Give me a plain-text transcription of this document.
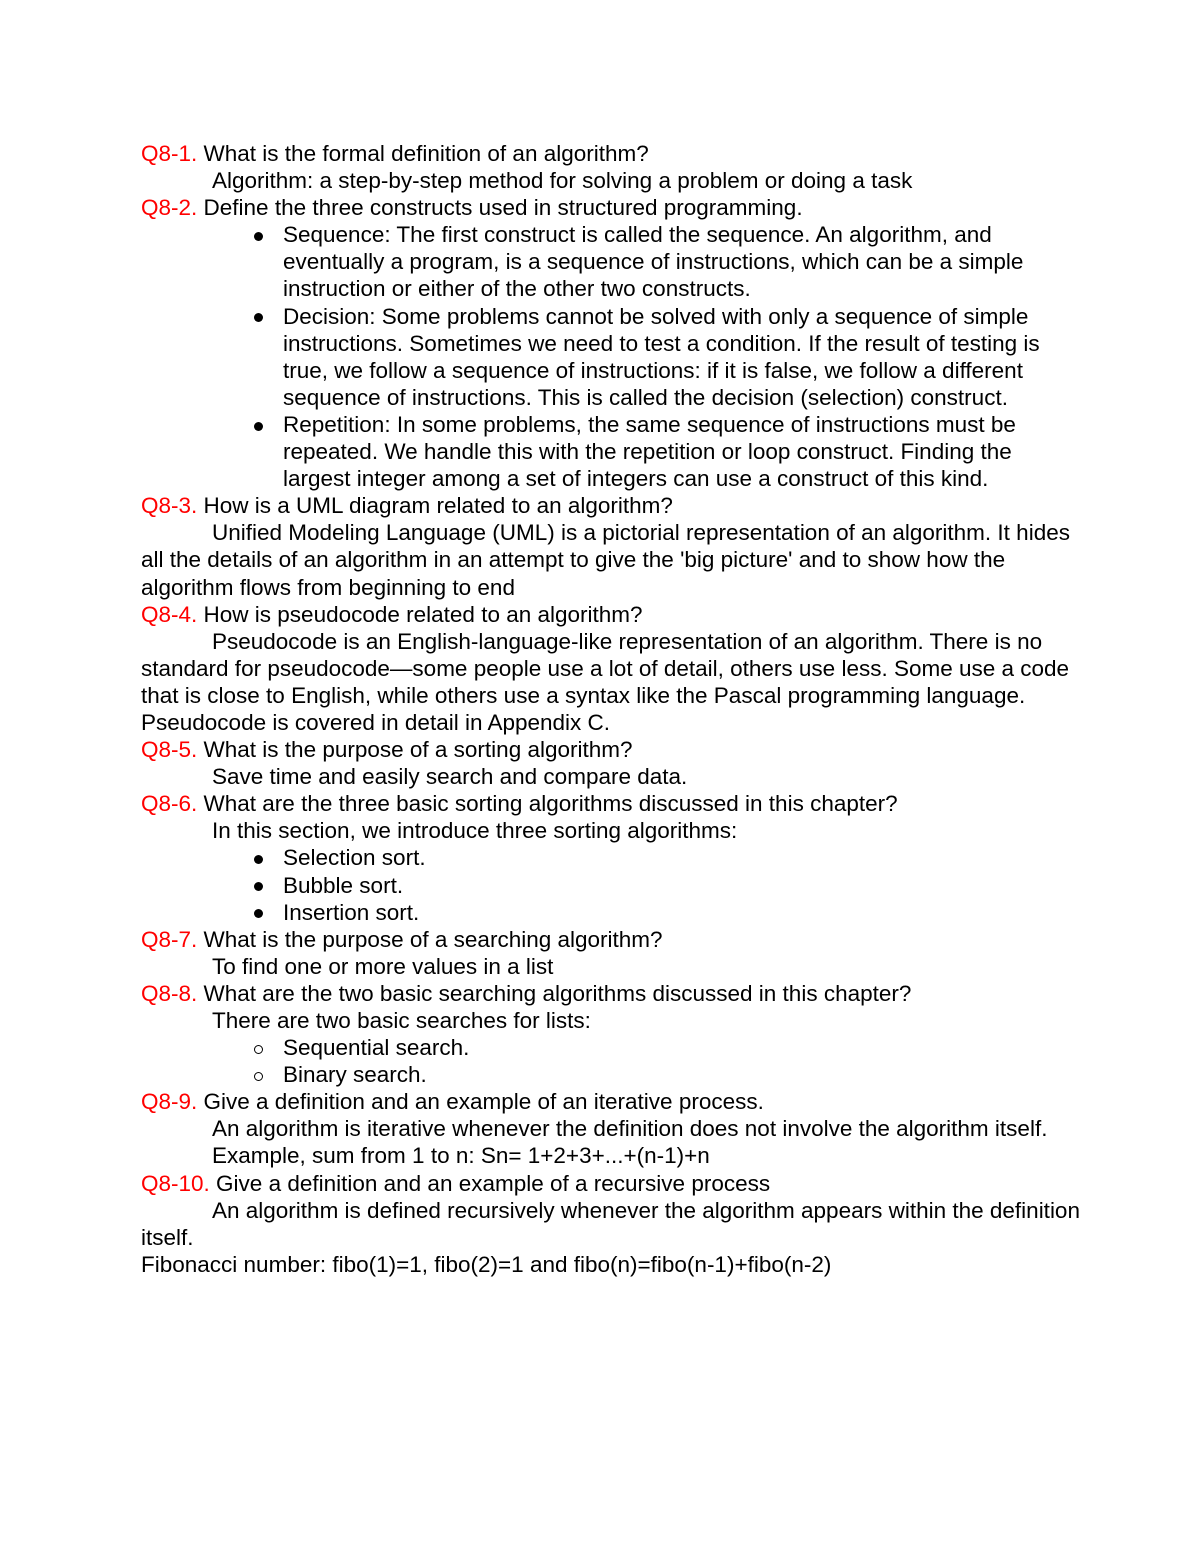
Q8-1. What is the formal definition of an algorithm?
Algorithm: a step-by-step method for solving a problem or doing a task
Q8-2. Define the three constructs used in structured programming.
Sequence: The first construct is called the sequence. An algorithm, and eventually a program, is a sequence of instructions, which can be a simple instruction or either of the other two constructs.
Decision: Some problems cannot be solved with only a sequence of simple instructions. Sometimes we need to test a condition. If the result of testing is true, we follow a sequence of instructions: if it is false, we follow a different sequence of instructions. This is called the decision (selection) construct.
Repetition: In some problems, the same sequence of instructions must be repeated. We handle this with the repetition or loop construct. Finding the largest integer among a set of integers can use a construct of this kind.
Q8-3. How is a UML diagram related to an algorithm?
Unified Modeling Language (UML) is a pictorial representation of an algorithm. It hides all the details of an algorithm in an attempt to give the 'big picture' and to show how the algorithm flows from beginning to end
Q8-4. How is pseudocode related to an algorithm?
Pseudocode is an English-language-like representation of an algorithm. There is no standard for pseudocode—some people use a lot of detail, others use less. Some use a code that is close to English, while others use a syntax like the Pascal programming language. Pseudocode is covered in detail in Appendix C.
Q8-5. What is the purpose of a sorting algorithm?
Save time and easily search and compare data.
Q8-6. What are the three basic sorting algorithms discussed in this chapter?
In this section, we introduce three sorting algorithms:
Selection sort.
Bubble sort.
Insertion sort.
Q8-7. What is the purpose of a searching algorithm?
To find one or more values in a list
Q8-8. What are the two basic searching algorithms discussed in this chapter?
There are two basic searches for lists:
Sequential search.
Binary search.
Q8-9. Give a definition and an example of an iterative process.
An algorithm is iterative whenever the definition does not involve the algorithm itself.
Example, sum from 1 to n: Sn= 1+2+3+...+(n-1)+n
Q8-10. Give a definition and an example of a recursive process
An algorithm is defined recursively whenever the algorithm appears within the definition
itself.
Fibonacci number: fibo(1)=1, fibo(2)=1 and fibo(n)=fibo(n-1)+fibo(n-2)
